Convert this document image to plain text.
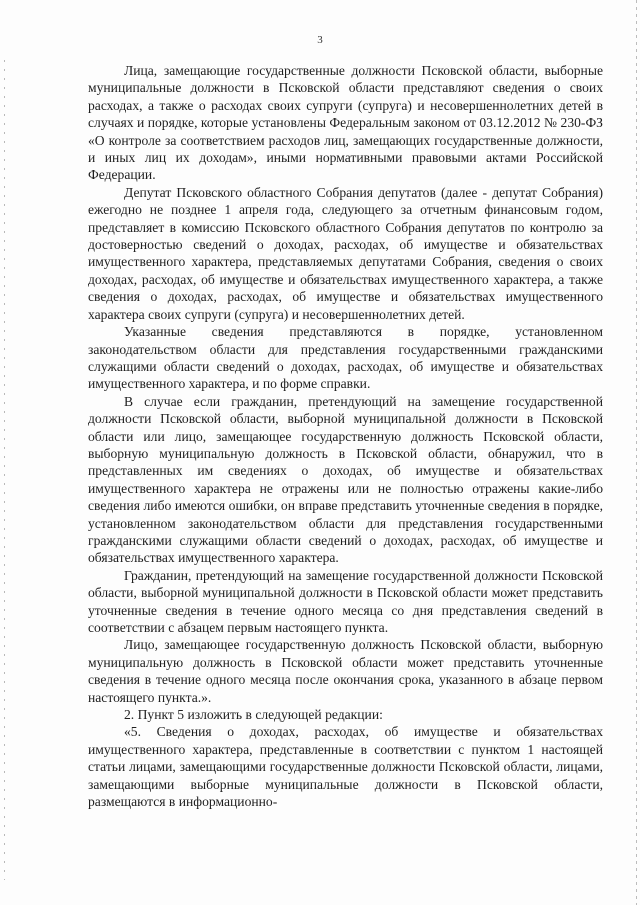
3

Лица, замещающие государственные должности Псковской области, выборные муниципальные должности в Псковской области представляют сведения о своих расходах, а также о расходах своих супруги (супруга) и несовершеннолетних детей в случаях и порядке, которые установлены Федеральным законом от 03.12.2012 № 230-ФЗ «О контроле за соответствием расходов лиц, замещающих государственные должности, и иных лиц их доходам», иными нормативными правовыми актами Российской Федерации.

Депутат Псковского областного Собрания депутатов (далее - депутат Собрания) ежегодно не позднее 1 апреля года, следующего за отчетным финансовым годом, представляет в комиссию Псковского областного Собрания депутатов по контролю за достоверностью сведений о доходах, расходах, об имуществе и обязательствах имущественного характера, представляемых депутатами Собрания, сведения о своих доходах, расходах, об имуществе и обязательствах имущественного характера, а также сведения о доходах, расходах, об имуществе и обязательствах имущественного характера своих супруги (супруга) и несовершеннолетних детей.

Указанные сведения представляются в порядке, установленном законодательством области для представления государственными гражданскими служащими области сведений о доходах, расходах, об имуществе и обязательствах имущественного характера, и по форме справки.

В случае если гражданин, претендующий на замещение государственной должности Псковской области, выборной муниципальной должности в Псковской области или лицо, замещающее государственную должность Псковской области, выборную муниципальную должность в Псковской области, обнаружил, что в представленных им сведениях о доходах, об имуществе и обязательствах имущественного характера не отражены или не полностью отражены какие-либо сведения либо имеются ошибки, он вправе представить уточненные сведения в порядке, установленном законодательством области для представления государственными гражданскими служащими области сведений о доходах, расходах, об имуществе и обязательствах имущественного характера.

Гражданин, претендующий на замещение государственной должности Псковской области, выборной муниципальной должности в Псковской области может представить уточненные сведения в течение одного месяца со дня представления сведений в соответствии с абзацем первым настоящего пункта.

Лицо, замещающее государственную должность Псковской области, выборную муниципальную должность в Псковской области может представить уточненные сведения в течение одного месяца после окончания срока, указанного в абзаце первом настоящего пункта.».

2. Пункт 5 изложить в следующей редакции:

«5. Сведения о доходах, расходах, об имуществе и обязательствах имущественного характера, представленные в соответствии с пунктом 1 настоящей статьи лицами, замещающими государственные должности Псковской области, лицами, замещающими выборные муниципальные должности в Псковской области, размещаются в информационно-
